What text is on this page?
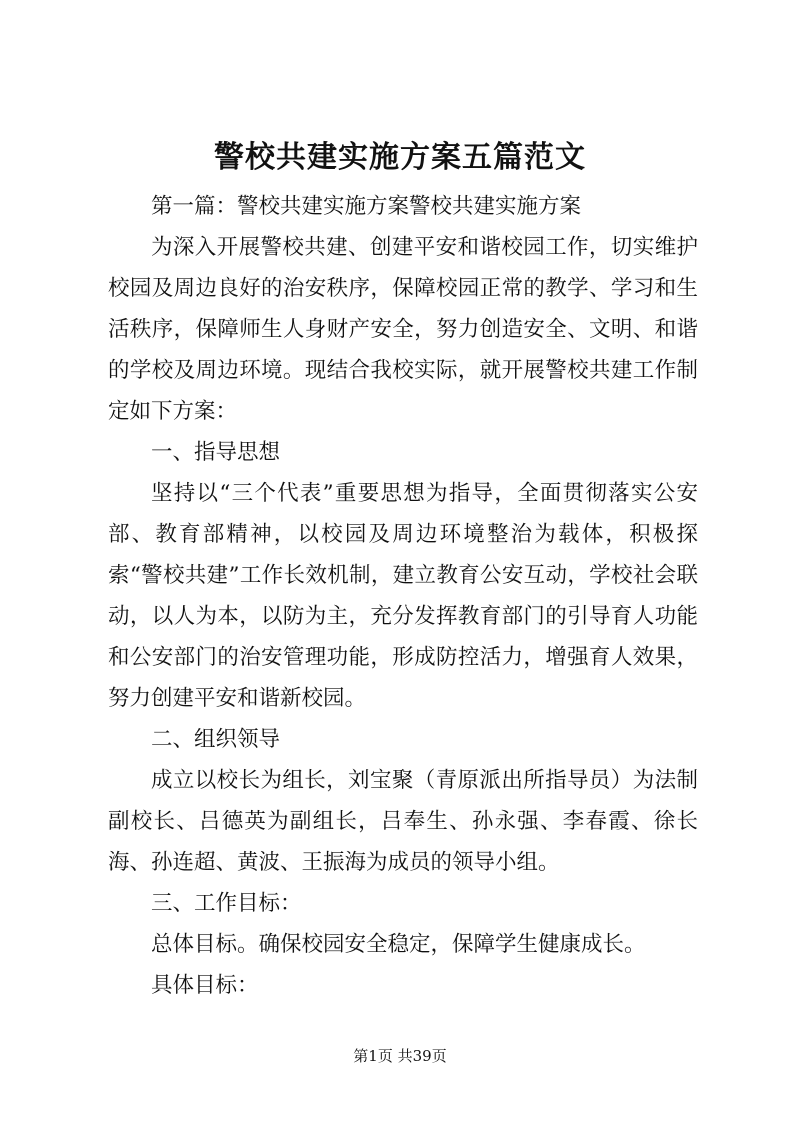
警校共建实施方案五篇范文

第一篇：警校共建实施方案警校共建实施方案

为深入开展警校共建、创建平安和谐校园工作，切实维护校园及周边良好的治安秩序，保障校园正常的教学、学习和生活秩序，保障师生人身财产安全，努力创造安全、文明、和谐的学校及周边环境。现结合我校实际，就开展警校共建工作制定如下方案：

一、指导思想

坚持以“三个代表”重要思想为指导，全面贯彻落实公安部、教育部精神，以校园及周边环境整治为载体，积极探索“警校共建”工作长效机制，建立教育公安互动，学校社会联动，以人为本，以防为主，充分发挥教育部门的引导育人功能和公安部门的治安管理功能，形成防控活力，增强育人效果，努力创建平安和谐新校园。

二、组织领导

成立以校长为组长，刘宝聚（青原派出所指导员）为法制副校长、吕德英为副组长，吕奉生、孙永强、李春霞、徐长海、孙连超、黄波、王振海为成员的领导小组。

三、工作目标：

总体目标。确保校园安全稳定，保障学生健康成长。

具体目标：

第1页 共39页
